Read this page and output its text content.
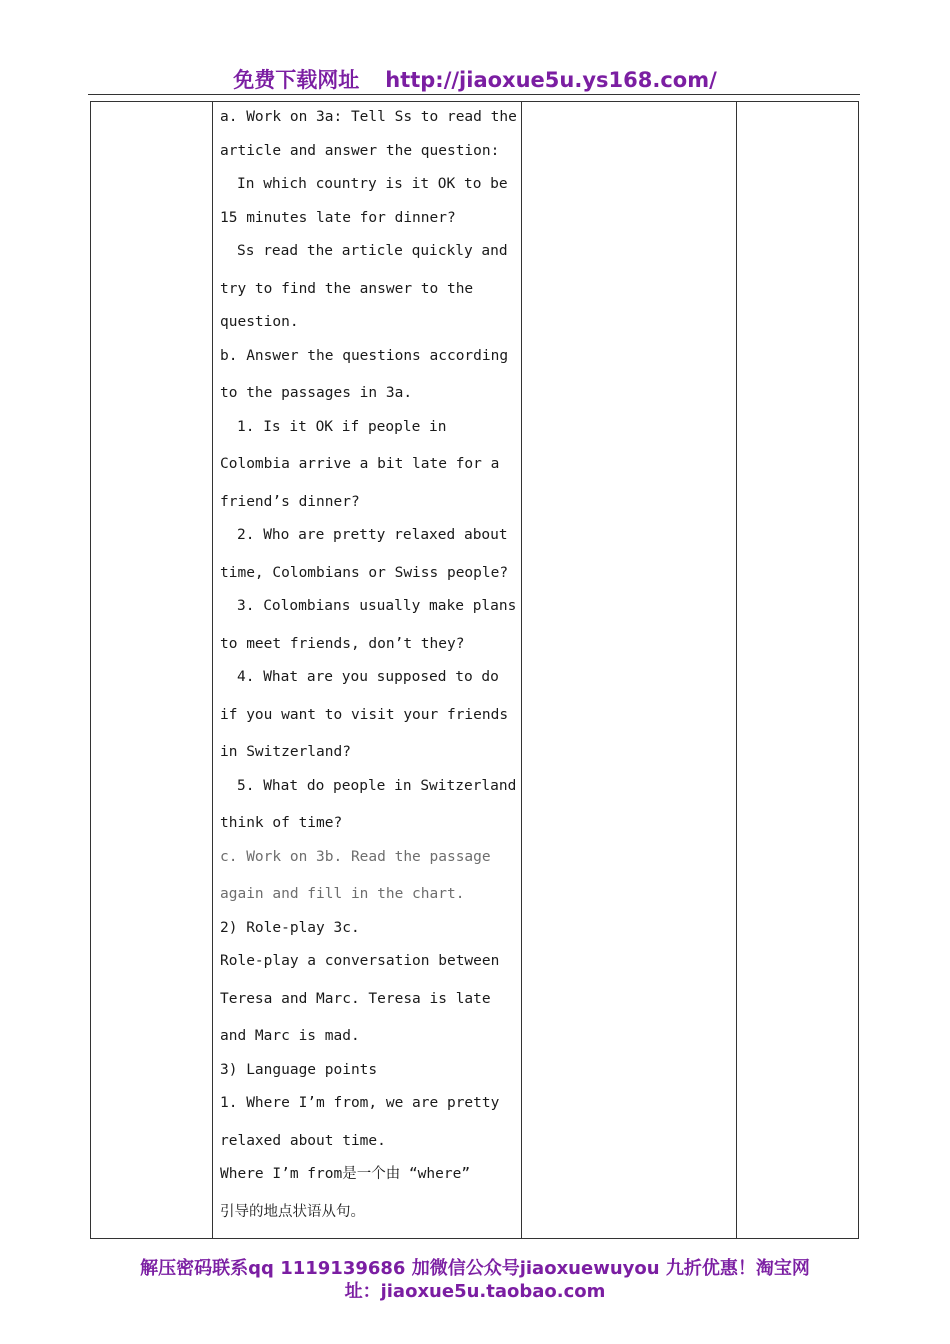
免费下载网址 http://jiaoxue5u.ys168.com/

a. Work on 3a: Tell Ss to read the
article and answer the question:
In which country is it OK to be
15 minutes late for dinner?
Ss read the article quickly and
try to find the answer to the
question.
b. Answer the questions according
to the passages in 3a.
1. Is it OK if people in
Colombia arrive a bit late for a
friend’s dinner?
2. Who are pretty relaxed about
time, Colombians or Swiss people?
3. Colombians usually make plans
to meet friends, don’t they?
4. What are you supposed to do
if you want to visit your friends
in Switzerland?
5. What do people in Switzerland
think of time?
c. Work on 3b. Read the passage
again and fill in the chart.
2) Role-play 3c.
Role-play a conversation between
Teresa and Marc. Teresa is late
and Marc is mad.
3) Language points
1. Where I’m from, we are pretty
relaxed about time.
Where I’m from是一个由 “where”
引导的地点状语从句。

解压密码联系qq 1119139686 加微信公众号jiaoxuewuyou 九折优惠！淘宝网
址：jiaoxue5u.taobao.com
